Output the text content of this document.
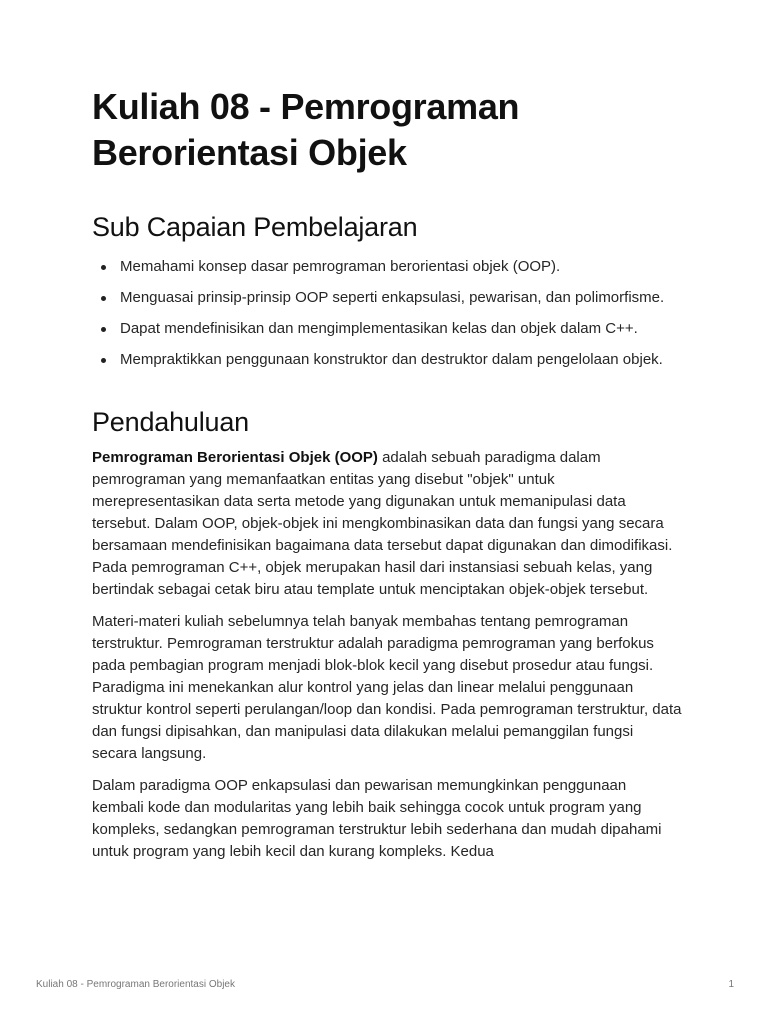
Kuliah 08 - Pemrograman Berorientasi Objek
Sub Capaian Pembelajaran
Memahami konsep dasar pemrograman berorientasi objek (OOP).
Menguasai prinsip-prinsip OOP seperti enkapsulasi, pewarisan, dan polimorfisme.
Dapat mendefinisikan dan mengimplementasikan kelas dan objek dalam C++.
Mempraktikkan penggunaan konstruktor dan destruktor dalam pengelolaan objek.
Pendahuluan

Pemrograman Berorientasi Objek (OOP) adalah sebuah paradigma dalam pemrograman yang memanfaatkan entitas yang disebut "objek" untuk merepresentasikan data serta metode yang digunakan untuk memanipulasi data tersebut. Dalam OOP, objek-objek ini mengkombinasikan data dan fungsi yang secara bersamaan mendefinisikan bagaimana data tersebut dapat digunakan dan dimodifikasi. Pada pemrograman C++, objek merupakan hasil dari instansiasi sebuah kelas, yang bertindak sebagai cetak biru atau template untuk menciptakan objek-objek tersebut.

Materi-materi kuliah sebelumnya telah banyak membahas tentang pemrograman terstruktur. Pemrograman terstruktur adalah paradigma pemrograman yang berfokus pada pembagian program menjadi blok-blok kecil yang disebut prosedur atau fungsi. Paradigma ini menekankan alur kontrol yang jelas dan linear melalui penggunaan struktur kontrol seperti perulangan/loop dan kondisi. Pada pemrograman terstruktur, data dan fungsi dipisahkan, dan manipulasi data dilakukan melalui pemanggilan fungsi secara langsung.

Dalam paradigma OOP enkapsulasi dan pewarisan memungkinkan penggunaan kembali kode dan modularitas yang lebih baik sehingga cocok untuk program yang kompleks, sedangkan pemrograman terstruktur lebih sederhana dan mudah dipahami untuk program yang lebih kecil dan kurang kompleks. Kedua

Kuliah 08 - Pemrograman Berorientasi Objek	1
